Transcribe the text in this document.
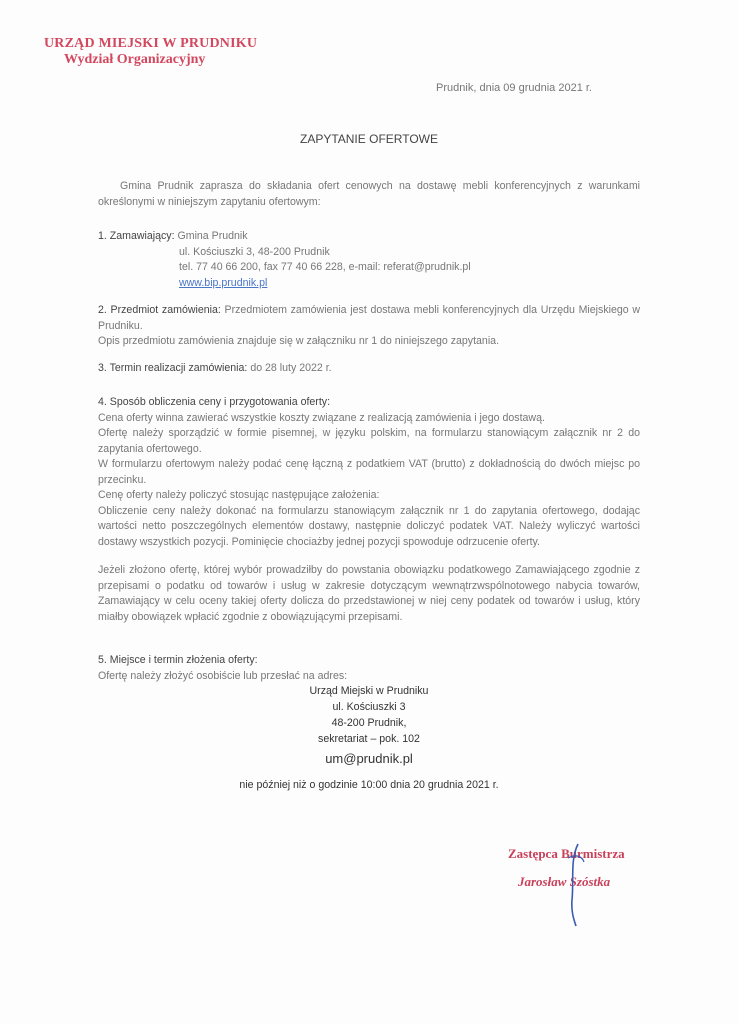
URZĄD MIEJSKI W PRUDNIKU
Wydział Organizacyjny
Prudnik, dnia 09 grudnia 2021 r.
ZAPYTANIE OFERTOWE
Gmina Prudnik zaprasza do składania ofert cenowych na dostawę mebli konferencyjnych z warunkami określonymi w niniejszym zapytaniu ofertowym:
1. Zamawiający: Gmina Prudnik
ul. Kościuszki 3, 48-200 Prudnik
tel. 77 40 66 200, fax 77 40 66 228, e-mail: referat@prudnik.pl
www.bip.prudnik.pl

2. Przedmiot zamówienia: Przedmiotem zamówienia jest dostawa mebli konferencyjnych dla Urzędu Miejskiego w Prudniku.

Opis przedmiotu zamówienia znajduje się w załączniku nr 1 do niniejszego zapytania.

3. Termin realizacji zamówienia: do 28 luty 2022 r.

4. Sposób obliczenia ceny i przygotowania oferty:

Cena oferty winna zawierać wszystkie koszty związane z realizacją zamówienia i jego dostawą.

Ofertę należy sporządzić w formie pisemnej, w języku polskim, na formularzu stanowiącym załącznik nr 2 do zapytania ofertowego.

W formularzu ofertowym należy podać cenę łączną z podatkiem VAT (brutto) z dokładnością do dwóch miejsc po przecinku.

Cenę oferty należy policzyć stosując następujące założenia:

Obliczenie ceny należy dokonać na formularzu stanowiącym załącznik nr 1 do zapytania ofertowego, dodając wartości netto poszczególnych elementów dostawy, następnie doliczyć podatek VAT. Należy wyliczyć wartości dostawy wszystkich pozycji. Pominięcie chociażby jednej pozycji spowoduje odrzucenie oferty.

Jeżeli złożono ofertę, której wybór prowadziłby do powstania obowiązku podatkowego Zamawiającego zgodnie z przepisami o podatku od towarów i usług w zakresie dotyczącym wewnątrzwspólnotowego nabycia towarów, Zamawiający w celu oceny takiej oferty dolicza do przedstawionej w niej ceny podatek od towarów i usług, który miałby obowiązek wpłacić zgodnie z obowiązującymi przepisami.

5. Miejsce i termin złożenia oferty:

Ofertę należy złożyć osobiście lub przesłać na adres:

Urząd Miejski w Prudniku
ul. Kościuszki 3
48-200 Prudnik,
sekretariat – pok. 102
um@prudnik.pl
nie później niż o godzinie 10:00 dnia 20 grudnia 2021 r.
Zastępca Burmistrza
Jarosław Szóstka
